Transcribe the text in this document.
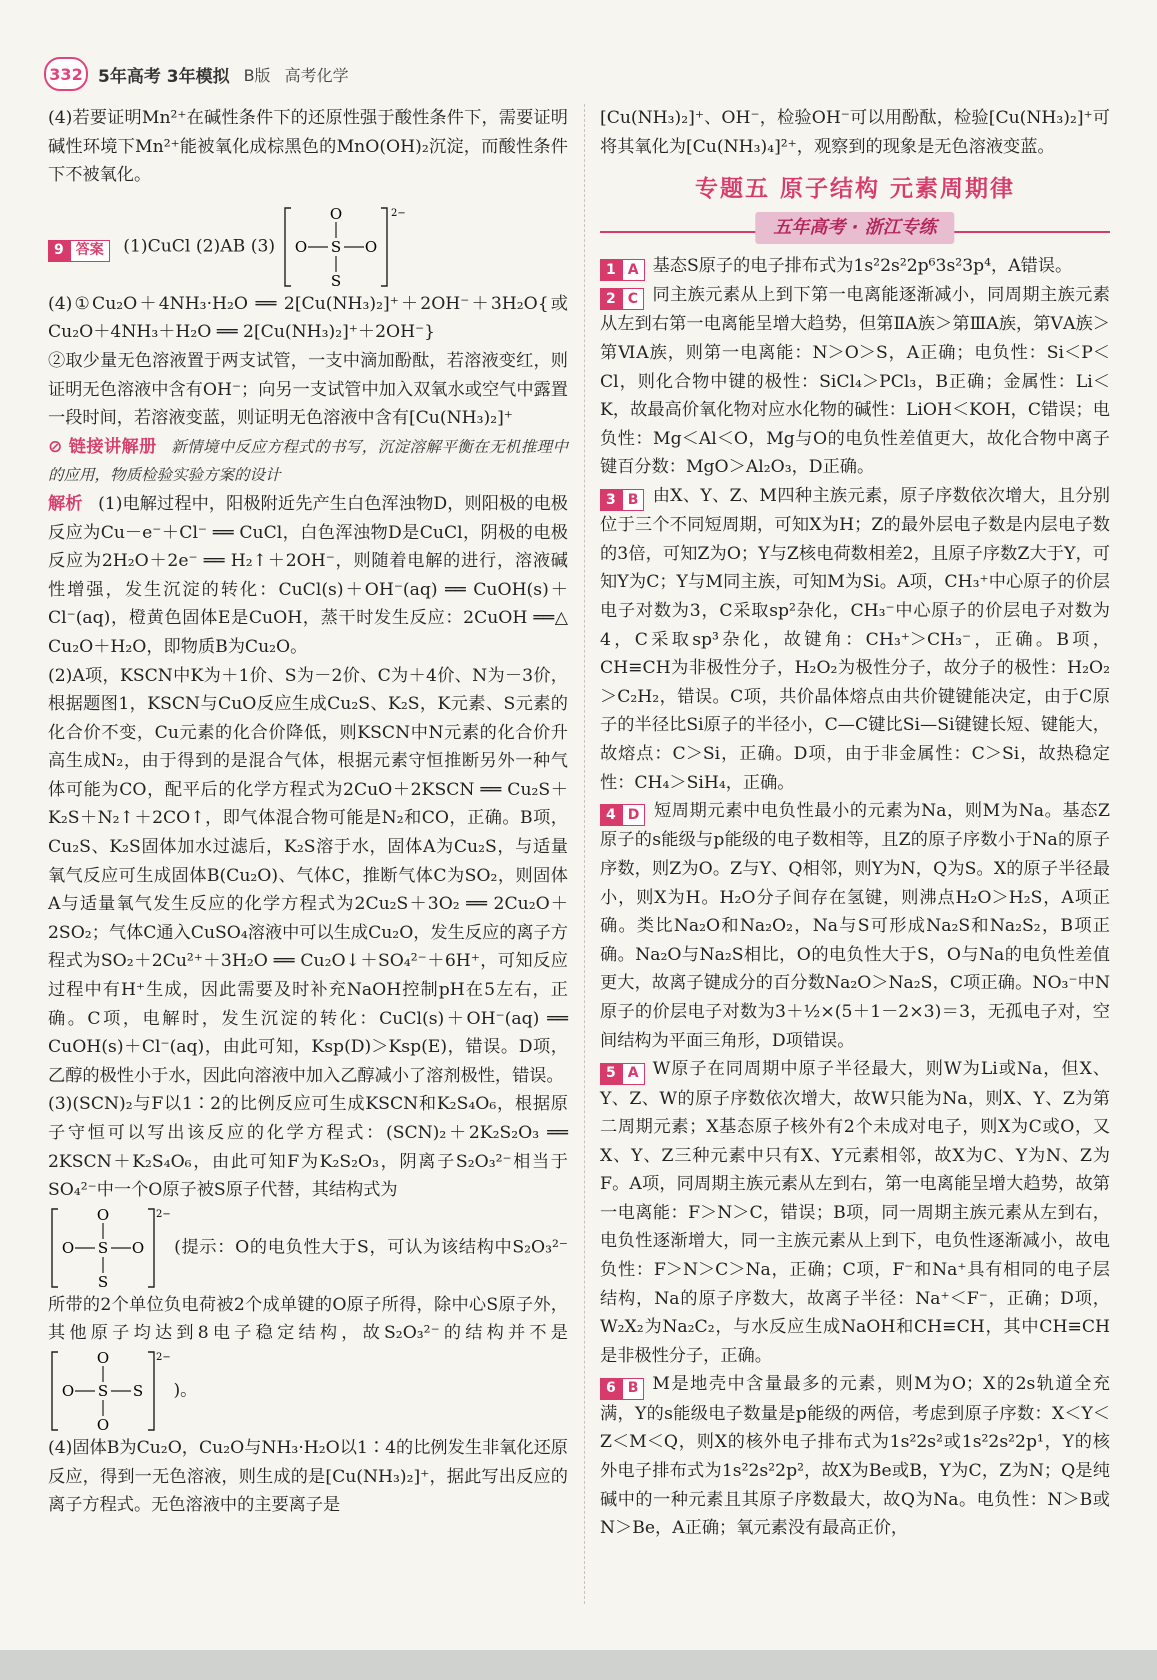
332 5年高考 3年模拟 B版 高考化学

(4)若要证明Mn²⁺在碱性条件下的还原性强于酸性条件下，需要证明碱性环境下Mn²⁺能被氧化成棕黑色的MnO(OH)₂沉淀，而酸性条件下不被氧化。

9 答案	(1)CuCl (2)AB (3)
O
S
S
O	O
2−

(4)①Cu₂O＋4NH₃·H₂O ══ 2[Cu(NH₃)₂]⁺＋2OH⁻＋3H₂O{或Cu₂O＋4NH₃＋H₂O ══ 2[Cu(NH₃)₂]⁺＋2OH⁻}

②取少量无色溶液置于两支试管，一支中滴加酚酞，若溶液变红，则证明无色溶液中含有OH⁻；向另一支试管中加入双氧水或空气中露置一段时间，若溶液变蓝，则证明无色溶液中含有[Cu(NH₃)₂]⁺

⊘ 链接讲解册 新情境中反应方程式的书写，沉淀溶解平衡在无机推理中的应用，物质检验实验方案的设计

解析 (1)电解过程中，阳极附近先产生白色浑浊物D，则阳极的电极反应为Cu－e⁻＋Cl⁻ ══ CuCl，白色浑浊物D是CuCl，阴极的电极反应为2H₂O＋2e⁻ ══ H₂↑＋2OH⁻，则随着电解的进行，溶液碱性增强，发生沉淀的转化：CuCl(s)＋OH⁻(aq) ══ CuOH(s)＋Cl⁻(aq)，橙黄色固体E是CuOH，蒸干时发生反应：2CuOH ══△ Cu₂O＋H₂O，即物质B为Cu₂O。

(2)A项，KSCN中K为＋1价、S为－2价、C为＋4价、N为－3价，根据题图1，KSCN与CuO反应生成Cu₂S、K₂S，K元素、S元素的化合价不变，Cu元素的化合价降低，则KSCN中N元素的化合价升高生成N₂，由于得到的是混合气体，根据元素守恒推断另外一种气体可能为CO，配平后的化学方程式为2CuO＋2KSCN ══ Cu₂S＋K₂S＋N₂↑＋2CO↑，即气体混合物可能是N₂和CO，正确。B项，Cu₂S、K₂S固体加水过滤后，K₂S溶于水，固体A为Cu₂S，与适量氧气反应可生成固体B(Cu₂O)、气体C，推断气体C为SO₂，则固体A与适量氧气发生反应的化学方程式为2Cu₂S＋3O₂ ══ 2Cu₂O＋2SO₂；气体C通入CuSO₄溶液中可以生成Cu₂O，发生反应的离子方程式为SO₂＋2Cu²⁺＋3H₂O ══ Cu₂O↓＋SO₄²⁻＋6H⁺，可知反应过程中有H⁺生成，因此需要及时补充NaOH控制pH在5左右，正确。C项，电解时，发生沉淀的转化：CuCl(s)＋OH⁻(aq) ══ CuOH(s)＋Cl⁻(aq)，由此可知，Ksp(D)＞Ksp(E)，错误。D项，乙醇的极性小于水，因此向溶液中加入乙醇减小了溶剂极性，错误。

(3)(SCN)₂与F以1∶2的比例反应可生成KSCN和K₂S₄O₆，根据原子守恒可以写出该反应的化学方程式：(SCN)₂＋2K₂S₂O₃ ══ 2KSCN＋K₂S₄O₆，由此可知F为K₂S₂O₃，阴离子S₂O₃²⁻相当于SO₄²⁻中一个O原子被S原子代替，其结构式为

O
S
S
O	O
2−
(提示：O的电负性大于S，可认为该结构中S₂O₃²⁻所带的2个单位负电荷被2个成单键的O原子所得，除中心S原子外，其他原子均达到8电子稳定结构，故S₂O₃²⁻的结构并不是
O
S
O
O	S
2−
)。

(4)固体B为Cu₂O，Cu₂O与NH₃·H₂O以1∶4的比例发生非氧化还原反应，得到一无色溶液，则生成的是[Cu(NH₃)₂]⁺，据此写出反应的离子方程式。无色溶液中的主要离子是

[Cu(NH₃)₂]⁺、OH⁻，检验OH⁻可以用酚酞，检验[Cu(NH₃)₂]⁺可将其氧化为[Cu(NH₃)₄]²⁺，观察到的现象是无色溶液变蓝。

专题五 原子结构 元素周期律
五年高考 · 浙江专练

1 A 基态S原子的电子排布式为1s²2s²2p⁶3s²3p⁴，A错误。

2 C 同主族元素从上到下第一电离能逐渐减小，同周期主族元素从左到右第一电离能呈增大趋势，但第ⅡA族＞第ⅢA族，第ⅤA族＞第ⅥA族，则第一电离能：N＞O＞S，A正确；电负性：Si＜P＜Cl，则化合物中键的极性：SiCl₄＞PCl₃，B正确；金属性：Li＜K，故最高价氧化物对应水化物的碱性：LiOH＜KOH，C错误；电负性：Mg＜Al＜O，Mg与O的电负性差值更大，故化合物中离子键百分数：MgO＞Al₂O₃，D正确。

3 B 由X、Y、Z、M四种主族元素，原子序数依次增大，且分别位于三个不同短周期，可知X为H；Z的最外层电子数是内层电子数的3倍，可知Z为O；Y与Z核电荷数相差2，且原子序数Z大于Y，可知Y为C；Y与M同主族，可知M为Si。A项，CH₃⁺中心原子的价层电子对数为3，C采取sp²杂化，CH₃⁻中心原子的价层电子对数为4，C采取sp³杂化，故键角：CH₃⁺＞CH₃⁻，正确。B项，CH≡CH为非极性分子，H₂O₂为极性分子，故分子的极性：H₂O₂＞C₂H₂，错误。C项，共价晶体熔点由共价键键能决定，由于C原子的半径比Si原子的半径小，C—C键比Si—Si键键长短、键能大，故熔点：C＞Si，正确。D项，由于非金属性：C＞Si，故热稳定性：CH₄＞SiH₄，正确。

4 D 短周期元素中电负性最小的元素为Na，则M为Na。基态Z原子的s能级与p能级的电子数相等，且Z的原子序数小于Na的原子序数，则Z为O。Z与Y、Q相邻，则Y为N，Q为S。X的原子半径最小，则X为H。H₂O分子间存在氢键，则沸点H₂O＞H₂S，A项正确。类比Na₂O和Na₂O₂，Na与S可形成Na₂S和Na₂S₂，B项正确。Na₂O与Na₂S相比，O的电负性大于S，O与Na的电负性差值更大，故离子键成分的百分数Na₂O＞Na₂S，C项正确。NO₃⁻中N原子的价层电子对数为3＋½×(5＋1－2×3)＝3，无孤电子对，空间结构为平面三角形，D项错误。

5 A W原子在同周期中原子半径最大，则W为Li或Na，但X、Y、Z、W的原子序数依次增大，故W只能为Na，则X、Y、Z为第二周期元素；X基态原子核外有2个未成对电子，则X为C或O，又X、Y、Z三种元素中只有X、Y元素相邻，故X为C、Y为N、Z为F。A项，同周期主族元素从左到右，第一电离能呈增大趋势，故第一电离能：F＞N＞C，错误；B项，同一周期主族元素从左到右，电负性逐渐增大，同一主族元素从上到下，电负性逐渐减小，故电负性：F＞N＞C＞Na，正确；C项，F⁻和Na⁺具有相同的电子层结构，Na的原子序数大，故离子半径：Na⁺＜F⁻，正确；D项，W₂X₂为Na₂C₂，与水反应生成NaOH和CH≡CH，其中CH≡CH是非极性分子，正确。

6 B M是地壳中含量最多的元素，则M为O；X的2s轨道全充满，Y的s能级电子数量是p能级的两倍，考虑到原子序数：X＜Y＜Z＜M＜Q，则X的核外电子排布式为1s²2s²或1s²2s²2p¹，Y的核外电子排布式为1s²2s²2p²，故X为Be或B，Y为C，Z为N；Q是纯碱中的一种元素且其原子序数最大，故Q为Na。电负性：N＞B或N＞Be，A正确；氧元素没有最高正价，
